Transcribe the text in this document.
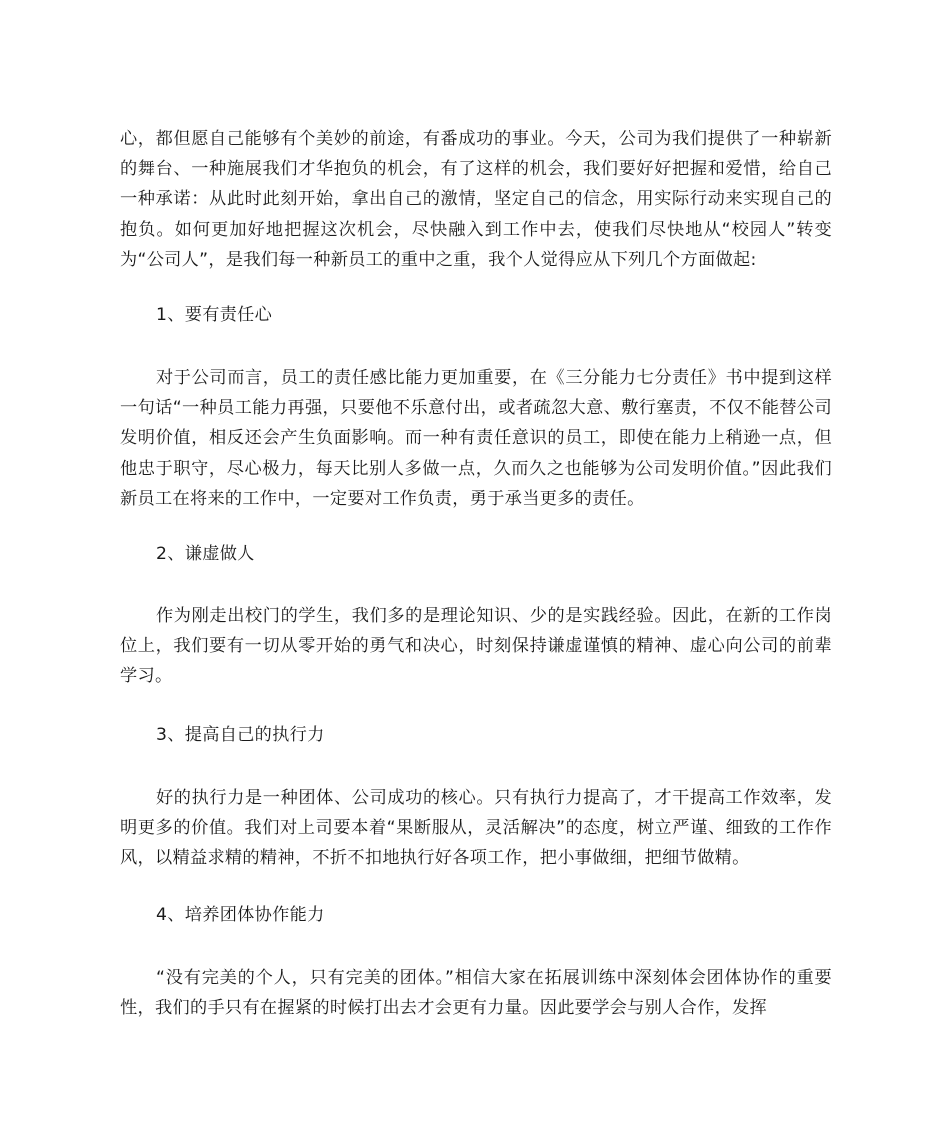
心，都但愿自己能够有个美妙的前途，有番成功的事业。今天，公司为我们提供了一种崭新的舞台、一种施展我们才华抱负的机会，有了这样的机会，我们要好好把握和爱惜，给自己一种承诺：从此时此刻开始，拿出自己的激情，坚定自己的信念，用实际行动来实现自己的抱负。如何更加好地把握这次机会，尽快融入到工作中去，使我们尽快地从“校园人”转变为“公司人”，是我们每一种新员工的重中之重，我个人觉得应从下列几个方面做起:

1、要有责任心

对于公司而言，员工的责任感比能力更加重要，在《三分能力七分责任》书中提到这样一句话“一种员工能力再强，只要他不乐意付出，或者疏忽大意、敷行塞责，不仅不能替公司发明价值，相反还会产生负面影响。而一种有责任意识的员工，即使在能力上稍逊一点，但他忠于职守，尽心极力，每天比别人多做一点，久而久之也能够为公司发明价值。”因此我们新员工在将来的工作中，一定要对工作负责，勇于承当更多的责任。

2、谦虚做人

作为刚走出校门的学生，我们多的是理论知识、少的是实践经验。因此，在新的工作岗 位上，我们要有一切从零开始的勇气和决心，时刻保持谦虚谨慎的精神、虚心向公司的前辈学习。

3、提高自己的执行力

好的执行力是一种团体、公司成功的核心。只有执行力提高了，才干提高工作效率，发明更多的价值。我们对上司要本着“果断服从，灵活解决”的态度，树立严谨、细致的工作作风，以精益求精的精神，不折不扣地执行好各项工作，把小事做细，把细节做精。

4、培养团体协作能力

“没有完美的个人，只有完美的团体。”相信大家在拓展训练中深刻体会团体协作的重要性，我们的手只有在握紧的时候打出去才会更有力量。因此要学会与别人合作，发挥
